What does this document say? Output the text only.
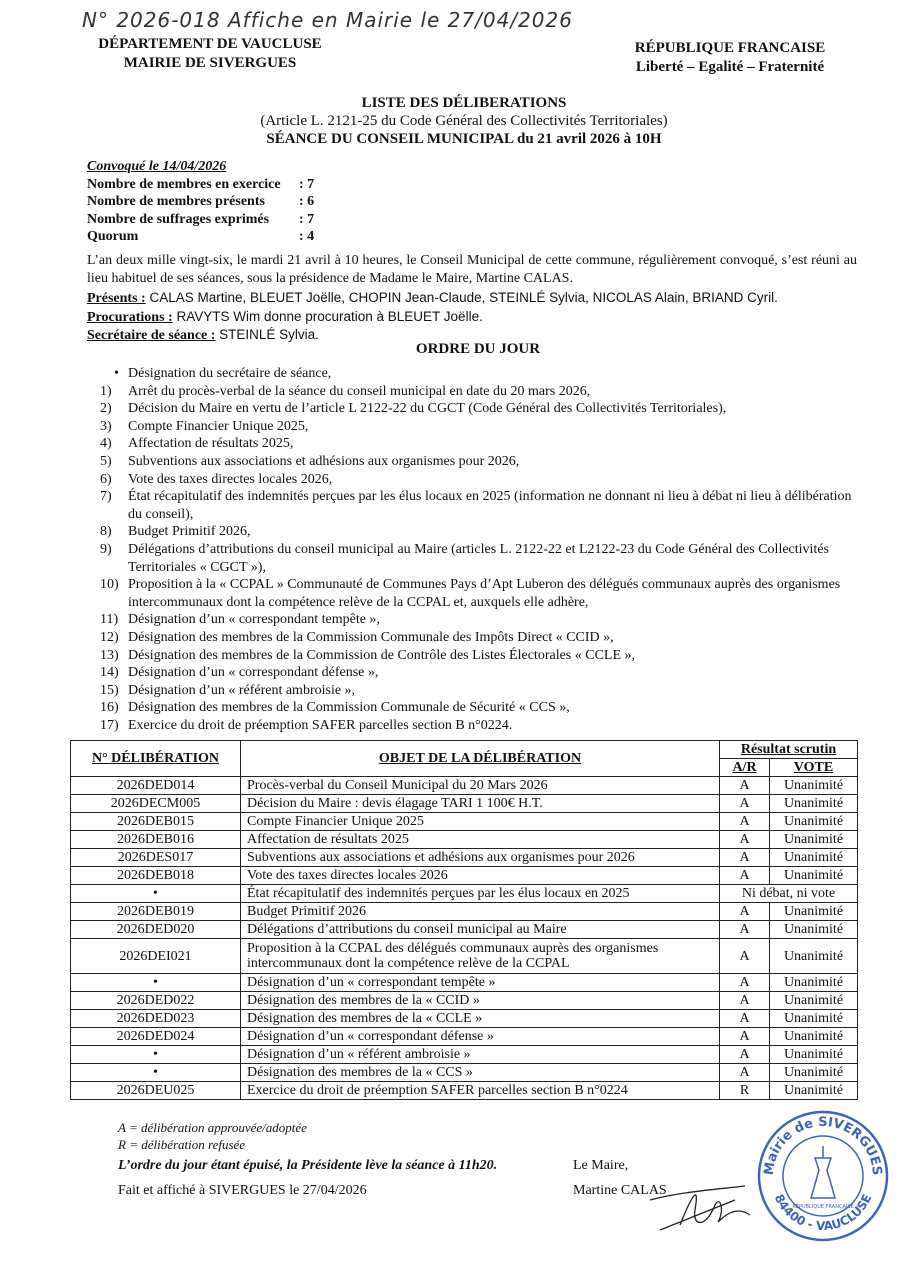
N° 2026-018 Affiche en Mairie le 27/04/2026
DÉPARTEMENT DE VAUCLUSE
MAIRIE DE SIVERGUES
RÉPUBLIQUE FRANCAISE
Liberté – Egalité – Fraternité
LISTE DES DÉLIBERATIONS
(Article L. 2121-25 du Code Général des Collectivités Territoriales)
SÉANCE DU CONSEIL MUNICIPAL du 21 avril 2026 à 10H
Convoqué le 14/04/2026
Nombre de membres en exercice	: 7
Nombre de membres présents	: 6
Nombre de suffrages exprimés	: 7
Quorum	: 4
L’an deux mille vingt-six, le mardi 21 avril à 10 heures, le Conseil Municipal de cette commune, régulièrement convoqué, s’est réuni au lieu habituel de ses séances, sous la présidence de Madame le Maire, Martine CALAS.
Présents : CALAS Martine, BLEUET Joëlle, CHOPIN Jean-Claude, STEINLÉ Sylvia, NICOLAS Alain, BRIAND Cyril.
Procurations : RAVYTS Wim donne procuration à BLEUET Joëlle.
Secrétaire de séance : STEINLÉ Sylvia.
ORDRE DU JOUR
• Désignation du secrétaire de séance,
1)	Arrêt du procès-verbal de la séance du conseil municipal en date du 20 mars 2026,
2)	Décision du Maire en vertu de l’article L 2122-22 du CGCT (Code Général des Collectivités Territoriales),
3)	Compte Financier Unique 2025,
4)	Affectation de résultats 2025,
5)	Subventions aux associations et adhésions aux organismes pour 2026,
6)	Vote des taxes directes locales 2026,
7)	État récapitulatif des indemnités perçues par les élus locaux en 2025 (information ne donnant ni lieu à débat ni lieu à délibération du conseil),
8)	Budget Primitif 2026,
9)	Délégations d’attributions du conseil municipal au Maire (articles L. 2122-22 et L2122-23 du Code Général des Collectivités Territoriales « CGCT »),
10) Proposition à la « CCPAL » Communauté de Communes Pays d’Apt Luberon des délégués communaux auprès des organismes intercommunaux dont la compétence relève de la CCPAL et, auxquels elle adhère,
11) Désignation d’un « correspondant tempête »,
12) Désignation des membres de la Commission Communale des Impôts Direct « CCID »,
13) Désignation des membres de la Commission de Contrôle des Listes Électorales « CCLE »,
14) Désignation d’un « correspondant défense »,
15) Désignation d’un « référent ambroisie »,
16) Désignation des membres de la Commission Communale de Sécurité « CCS »,
17) Exercice du droit de préemption SAFER parcelles section B n°0224.
N° DÉLIBÉRATION	OBJET DE LA DÉLIBÉRATION	Résultat scrutin	
		A/R	VOTE
2026DED014	Procès-verbal du Conseil Municipal du 20 Mars 2026	A	Unanimité
2026DECM005	Décision du Maire : devis élagage TARI 1 100€ H.T.	A	Unanimité
2026DEB015	Compte Financier Unique 2025	A	Unanimité
2026DEB016	Affectation de résultats 2025	A	Unanimité
2026DES017	Subventions aux associations et adhésions aux organismes pour 2026	A	Unanimité
2026DEB018	Vote des taxes directes locales 2026	A	Unanimité
•	État récapitulatif des indemnités perçues par les élus locaux en 2025	Ni débat, ni vote	
2026DEB019	Budget Primitif 2026	A	Unanimité
2026DED020	Délégations d’attributions du conseil municipal au Maire	A	Unanimité
2026DEI021	Proposition à la CCPAL des délégués communaux auprès des organismes intercommunaux dont la compétence relève de la CCPAL	A	Unanimité
•	Désignation d’un « correspondant tempête »	A	Unanimité
2026DED022	Désignation des membres de la « CCID »	A	Unanimité
2026DED023	Désignation des membres de la « CCLE »	A	Unanimité
2026DED024	Désignation d’un « correspondant défense »	A	Unanimité
•	Désignation d’un « référent ambroisie »	A	Unanimité
•	Désignation des membres de la « CCS »	A	Unanimité
2026DEU025	Exercice du droit de préemption SAFER parcelles section B n°0224	R	Unanimité
A = délibération approuvée/adoptée
R = délibération refusée
L’ordre du jour étant épuisé, la Présidente lève la séance à 11h20.
Fait et affiché à SIVERGUES le 27/04/2026
Le Maire,
Martine CALAS
Mairie de SIVERGUES
84400 - VAUCLUSE
RÉPUBLIQUE FRANÇAISE
